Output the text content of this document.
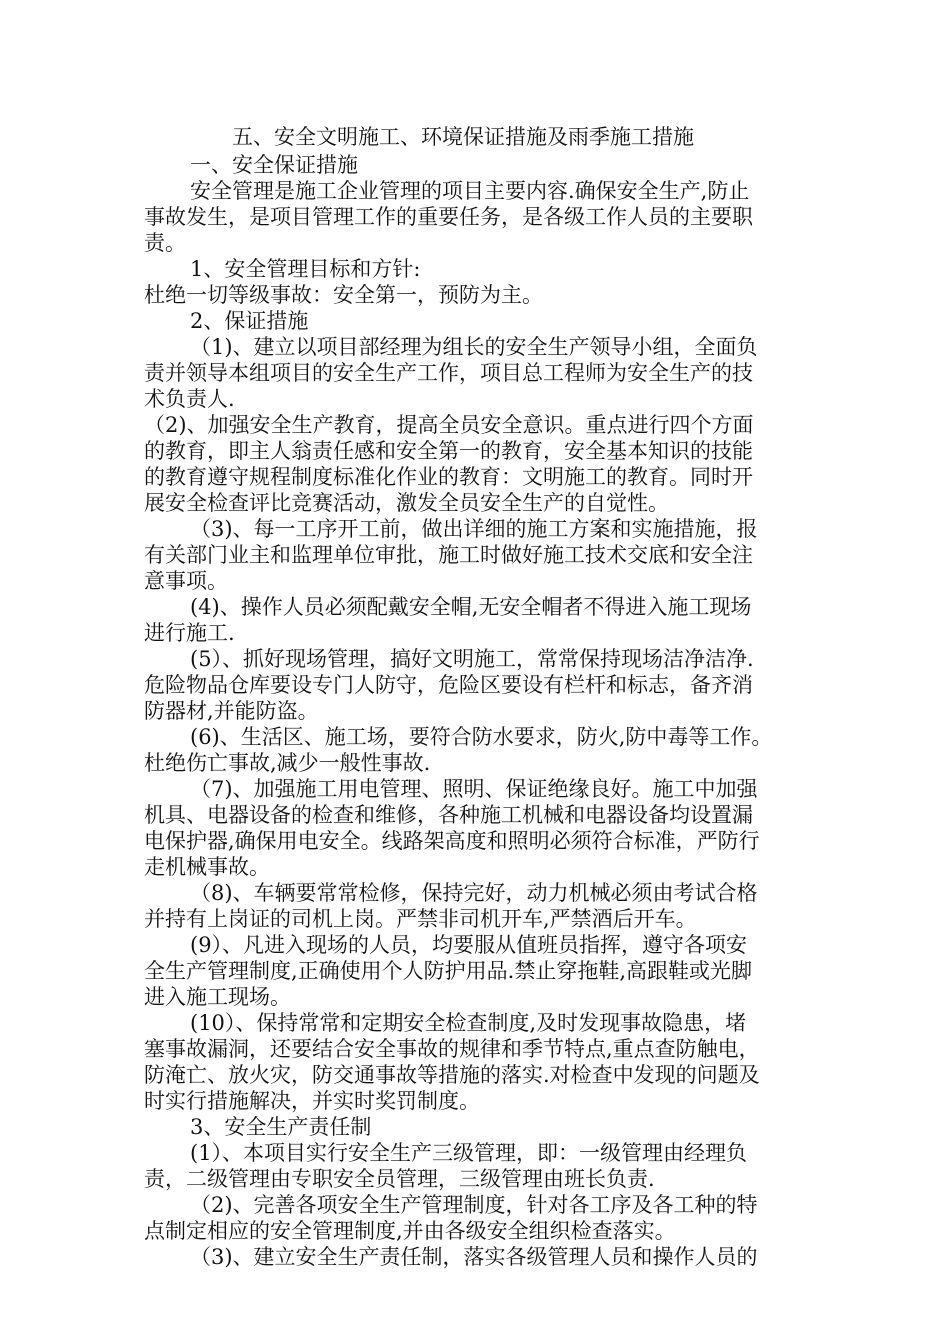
五、安全文明施工、环境保证措施及雨季施工措施
一、安全保证措施
安全管理是施工企业管理的项目主要内容.确保安全生产,防止
事故发生，是项目管理工作的重要任务，是各级工作人员的主要职
责。
1、安全管理目标和方针:
杜绝一切等级事故：安全第一，预防为主。
2、保证措施
（1)、建立以项目部经理为组长的安全生产领导小组，全面负
责并领导本组项目的安全生产工作，项目总工程师为安全生产的技
术负责人.
（2)、加强安全生产教育，提高全员安全意识。重点进行四个方面
的教育，即主人翁责任感和安全第一的教育，安全基本知识的技能
的教育遵守规程制度标准化作业的教育：文明施工的教育。同时开
展安全检查评比竞赛活动，激发全员安全生产的自觉性。
（3)、每一工序开工前，做出详细的施工方案和实施措施，报
有关部门业主和监理单位审批，施工时做好施工技术交底和安全注
意事项。
(4)、操作人员必须配戴安全帽,无安全帽者不得进入施工现场
进行施工.
(5）、抓好现场管理，搞好文明施工，常常保持现场洁净洁净.
危险物品仓库要设专门人防守，危险区要设有栏杆和标志，备齐消
防器材,并能防盗。
(6)、生活区、施工场，要符合防水要求，防火,防中毒等工作。
杜绝伤亡事故,减少一般性事故.
（7)、加强施工用电管理、照明、保证绝缘良好。施工中加强
机具、电器设备的检查和维修，各种施工机械和电器设备均设置漏
电保护器,确保用电安全。线路架高度和照明必须符合标准，严防行
走机械事故。
（8)、车辆要常常检修，保持完好，动力机械必须由考试合格
并持有上岗证的司机上岗。严禁非司机开车,严禁酒后开车。
(9）、凡进入现场的人员，均要服从值班员指挥，遵守各项安
全生产管理制度,正确使用个人防护用品.禁止穿拖鞋,高跟鞋或光脚
进入施工现场。
(10）、保持常常和定期安全检查制度,及时发现事故隐患，堵
塞事故漏洞，还要结合安全事故的规律和季节特点,重点查防触电，
防淹亡、放火灾，防交通事故等措施的落实.对检查中发现的问题及
时实行措施解决，并实时奖罚制度。
3、安全生产责任制
(1）、本项目实行安全生产三级管理，即：一级管理由经理负
责，二级管理由专职安全员管理，三级管理由班长负责.
（2)、完善各项安全生产管理制度，针对各工序及各工种的特
点制定相应的安全管理制度,并由各级安全组织检查落实。
（3)、建立安全生产责任制，落实各级管理人员和操作人员的
